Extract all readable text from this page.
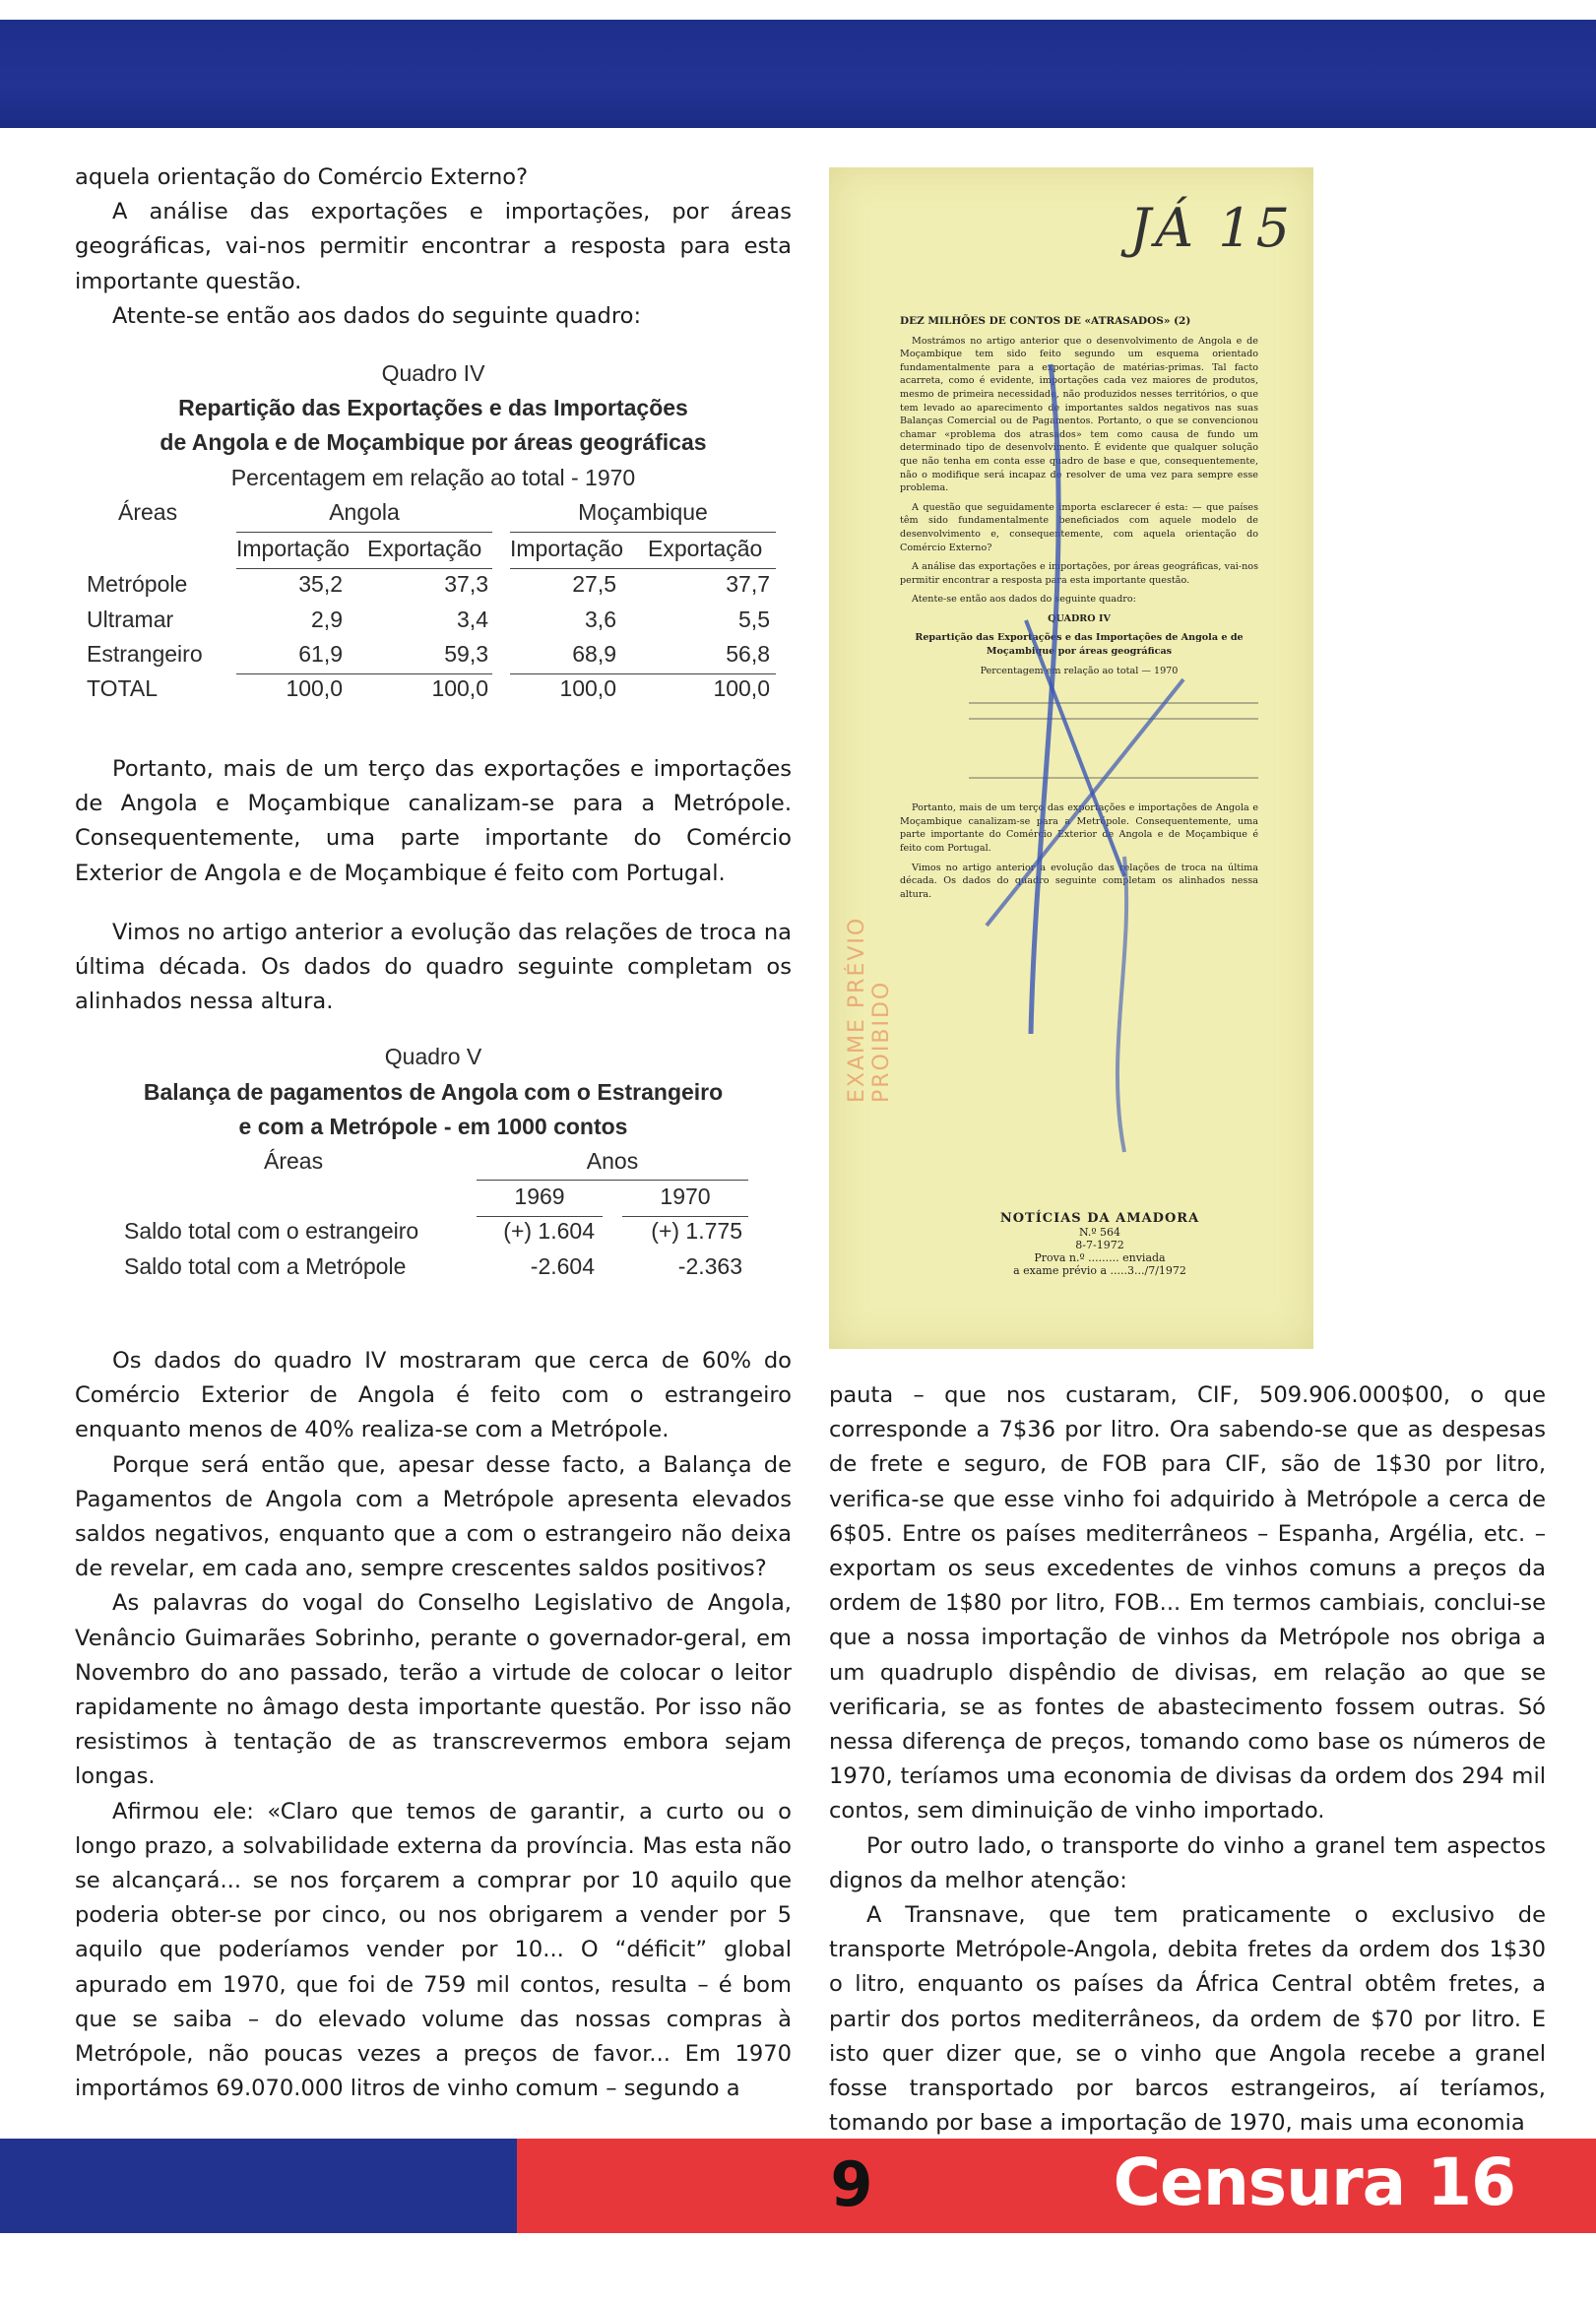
aquela orientação do Comércio Externo?

A análise das exportações e importações, por áreas geográficas, vai-nos permitir encontrar a resposta para esta importante questão.

Atente-se então aos dados do seguinte quadro:

Quadro IV
Repartição das Exportações e das Importações
de Angola e de Moçambique por áreas geográficas
Percentagem em relação ao total - 1970
Áreas	Angola	Moçambique
Importação Exportação Importação Exportação
Metrópole	35,2	37,3	27,5	37,7
Ultramar	2,9	3,4	3,6	5,5
Estrangeiro	61,9	59,3	68,9	56,8
TOTAL	100,0	100,0	100,0	100,0

Portanto, mais de um terço das exportações e importações de Angola e Moçambique canalizam-se para a Metrópole. Consequentemente, uma parte importante do Comércio Exterior de Angola e de Moçambique é feito com Portugal.

Vimos no artigo anterior a evolução das relações de troca na última década. Os dados do quadro seguinte completam os alinhados nessa altura.

Quadro V
Balança de pagamentos de Angola com o Estrangeiro
e com a Metrópole - em 1000 contos
Áreas	Anos
1969	1970
Saldo total com o estrangeiro	(+) 1.604	(+) 1.775
Saldo total com a Metrópole	-2.604	-2.363

Os dados do quadro IV mostraram que cerca de 60% do Comércio Exterior de Angola é feito com o estrangeiro enquanto menos de 40% realiza-se com a Metrópole.

Porque será então que, apesar desse facto, a Balança de Pagamentos de Angola com a Metrópole apresenta elevados saldos negativos, enquanto que a com o estrangeiro não deixa de revelar, em cada ano, sempre crescentes saldos positivos?

As palavras do vogal do Conselho Legislativo de Angola, Venâncio Guimarães Sobrinho, perante o governador-geral, em Novembro do ano passado, terão a virtude de colocar o leitor rapidamente no âmago desta importante questão. Por isso não resistimos à tentação de as transcrevermos embora sejam longas.

Afirmou ele: «Claro que temos de garantir, a curto ou o longo prazo, a solvabilidade externa da província. Mas esta não se alcançará... se nos forçarem a comprar por 10 aquilo que poderia obter-se por cinco, ou nos obrigarem a vender por 5 aquilo que poderíamos vender por 10... O “déficit” global apurado em 1970, que foi de 759 mil contos, resulta – é bom que se saiba – do elevado volume das nossas compras à Metrópole, não poucas vezes a preços de favor... Em 1970 importámos 69.070.000 litros de vinho comum – segundo a

pauta – que nos custaram, CIF, 509.906.000$00, o que corresponde a 7$36 por litro. Ora sabendo-se que as despesas de frete e seguro, de FOB para CIF, são de 1$30 por litro, verifica-se que esse vinho foi adquirido à Metrópole a cerca de 6$05. Entre os países mediterrâneos – Espanha, Argélia, etc. – exportam os seus excedentes de vinhos comuns a preços da ordem de 1$80 por litro, FOB... Em termos cambiais, conclui-se que a nossa importação de vinhos da Metrópole nos obriga a um quadruplo dispêndio de divisas, em relação ao que se verificaria, se as fontes de abastecimento fossem outras. Só nessa diferença de preços, tomando como base os números de 1970, teríamos uma economia de divisas da ordem dos 294 mil contos, sem diminuição de vinho importado.

Por outro lado, o transporte do vinho a granel tem aspectos dignos da melhor atenção:

A Transnave, que tem praticamente o exclusivo de transporte Metrópole-Angola, debita fretes da ordem dos 1$30 o litro, enquanto os países da África Central obtêm fretes, a partir dos portos mediterrâneos, da ordem de $70 por litro. E isto quer dizer que, se o vinho que Angola recebe a granel fosse transportado por barcos estrangeiros, aí teríamos, tomando por base a importação de 1970, mais uma economia

JÁ 15

DEZ MILHÕES DE CONTOS DE «ATRASADOS» (2)

Mostrámos no artigo anterior que o desenvolvimento de Angola e de Moçambique tem sido feito segundo um esquema orientado fundamentalmente para a exportação de matérias-primas. Tal facto acarreta, como é evidente, importações cada vez maiores de produtos, mesmo de primeira necessidade, não produzidos nesses territórios, o que tem levado ao aparecimento de importantes saldos negativos nas suas Balanças Comercial ou de Pagamentos. Portanto, o que se convencionou chamar «problema dos atrasados» tem como causa de fundo um determinado tipo de desenvolvimento. É evidente que qualquer solução que não tenha em conta esse quadro de base e que, consequentemente, não o modifique será incapaz de resolver de uma vez para sempre esse problema.

A questão que seguidamente importa esclarecer é esta: — que países têm sido fundamentalmente beneficiados com aquele modelo de desenvolvimento e, consequentemente, com aquela orientação do Comércio Externo?

A análise das exportações e importações, por áreas geográficas, vai-nos permitir encontrar a resposta para esta importante questão.

Atente-se então aos dados do seguinte quadro:

QUADRO IV

Repartição das Exportações e das Importações de Angola e de Moçambique por áreas geográficas

Percentagem em relação ao total — 1970

Portanto, mais de um terço das exportações e importações de Angola e Moçambique canalizam-se para a Metrópole. Consequentemente, uma parte importante do Comércio Exterior de Angola e de Moçambique é feito com Portugal.

Vimos no artigo anterior a evolução das relações de troca na última década. Os dados do quadro seguinte completam os alinhados nessa altura.

EXAME PRÉVIO PROIBIDO
NOTÍCIAS DA AMADORA
N.º 564
8-7-1972
Prova n.º ......... enviada
a exame prévio a .....3.../7/1972
9	Censura 16
